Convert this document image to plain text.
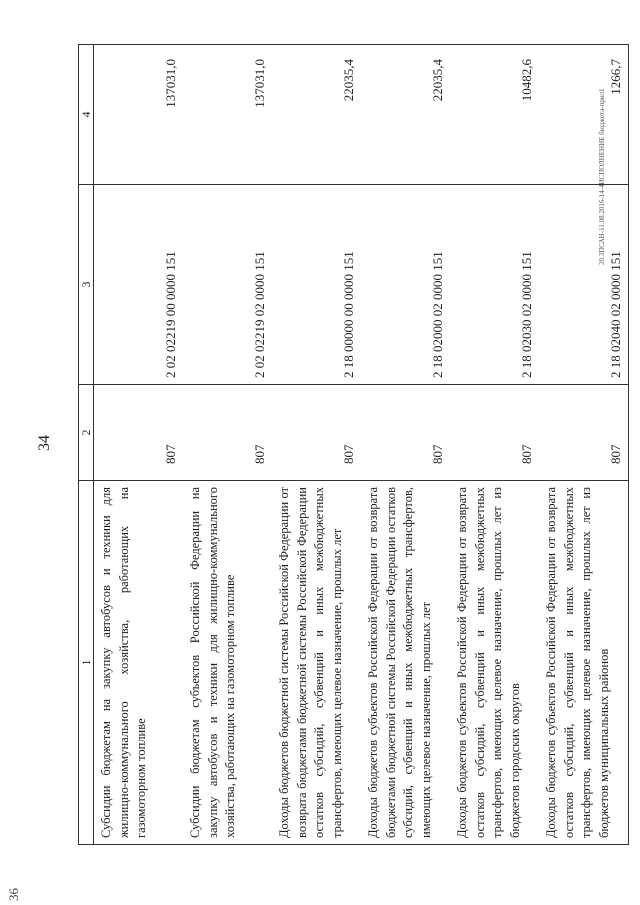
36
34
1	2	3	4
Субсидии бюджетам на закупку автобусов и техники для жилищно-коммунального хозяйства, работающих на газомоторном топливе	807	2 02 02219 00 0000 151	137031,0
Субсидии бюджетам субъектов Российской Федерации на закупку автобусов и техники для жилищно-коммунального хозяйства, работающих на газомоторном топливе	807	2 02 02219 02 0000 151	137031,0
Доходы бюджетов бюджетной системы Российской Федерации от возврата бюджетами бюджетной системы Российской Федерации остатков субсидий, субвенций и иных межбюджетных трансфертов, имеющих целевое назначение, прошлых лет	807	2 18 00000 00 0000 151	22035,4
Доходы бюджетов субъектов Российской Федерации от возврата бюджетами бюджетной системы Российской Федерации остатков субсидий, субвенций и иных межбюджетных трансфертов, имеющих целевое назначение, прошлых лет	807	2 18 02000 02 0000 151	22035,4
Доходы бюджетов субъектов Российской Федерации от возврата остатков субсидий, субвенций и иных межбюджетных трансфертов, имеющих целевое назначение, прошлых лет из бюджетов городских округов	807	2 18 02030 02 0000 151	10482,6
Доходы бюджетов субъектов Российской Федерации от возврата остатков субсидий, субвенций и иных межбюджетных трансфертов, имеющих целевое назначение, прошлых лет из бюджетов муниципальных районов	807	2 18 02040 02 0000 151	1266,7
20.ЗПСАН-11.08.2016-14-4ИСПОЛНЕНИЕ бюджета-прил1
